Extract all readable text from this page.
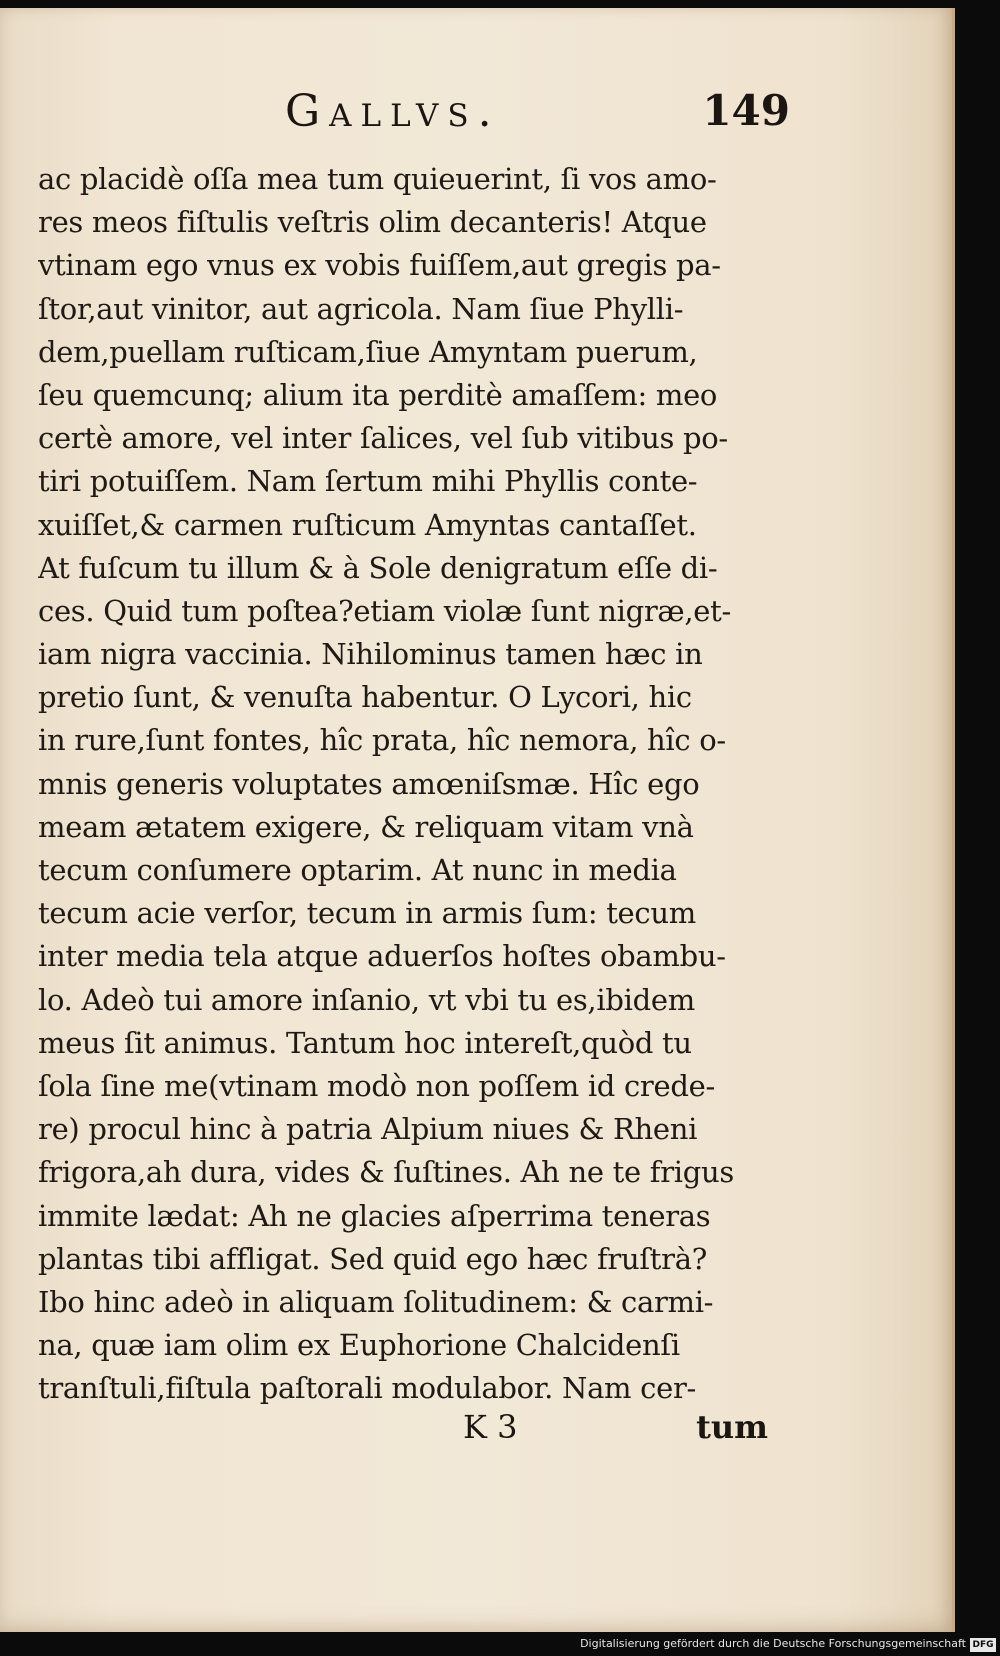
Gallvs.	149
ac placidè oſſa mea tum quieuerint, ſi vos amo-
res meos fiſtulis veſtris olim decanteris! Atque
vtinam ego vnus ex vobis fuiſſem,aut gregis pa-
ſtor,aut vinitor, aut agricola. Nam ſiue Phylli-
dem,puellam ruſticam,ſiue Amyntam puerum,
ſeu quemcunq; alium ita perditè amaſſem: meo
certè amore, vel inter ſalices, vel ſub vitibus po-
tiri potuiſſem. Nam ſertum mihi Phyllis conte-
xuiſſet,& carmen ruſticum Amyntas cantaſſet.
At fuſcum tu illum & à Sole denigratum eſſe di-
ces. Quid tum poſtea?etiam violæ ſunt nigræ,et-
iam nigra vaccinia. Nihilominus tamen hæc in
pretio ſunt, & venuſta habentur. O Lycori, hic
in rure,ſunt fontes, hîc prata, hîc nemora, hîc o-
mnis generis voluptates amœniſsmæ. Hîc ego
meam ætatem exigere, & reliquam vitam vnà
tecum conſumere optarim. At nunc in media
tecum acie verſor, tecum in armis ſum: tecum
inter media tela atque aduerſos hoſtes obambu-
lo. Adeò tui amore inſanio, vt vbi tu es,ibidem
meus ſit animus. Tantum hoc intereſt,quòd tu
ſola ſine me(vtinam modò non poſſem id crede-
re) procul hinc à patria Alpium niues & Rheni
frigora,ah dura, vides & ſuſtines. Ah ne te frigus
immite lædat: Ah ne glacies aſperrima teneras
plantas tibi affligat. Sed quid ego hæc fruſtrà?
Ibo hinc adeò in aliquam ſolitudinem: & carmi-
na, quæ iam olim ex Euphorione Chalcidenſi
tranſtuli,fiſtula paſtorali modulabor. Nam cer-
K 3	tum
Digitalisierung gefördert durch die Deutsche Forschungsgemeinschaft DFG
